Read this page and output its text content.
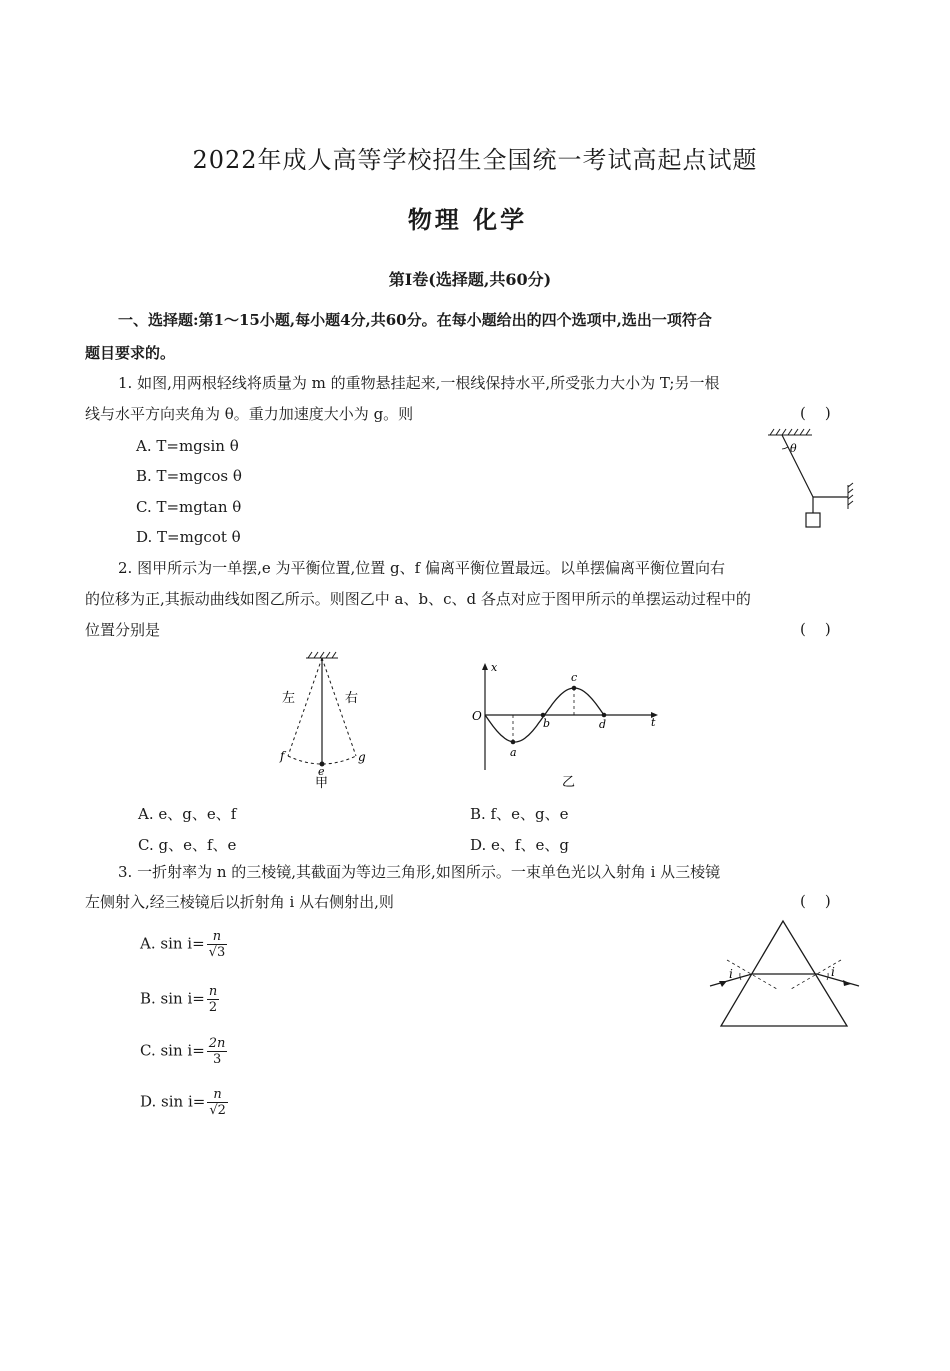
2022年成人高等学校招生全国统一考试高起点试题
物理 化学
第Ⅰ卷(选择题,共60分)
一、选择题:第1～15小题,每小题4分,共60分。在每小题给出的四个选项中,选出一项符合
题目要求的。
1. 如图,用两根轻线将质量为 m 的重物悬挂起来,一根线保持水平,所受张力大小为 T;另一根
线与水平方向夹角为 θ。重力加速度大小为 g。则	(    )
A. T=mgsin θ
B. T=mgcos θ
C. T=mgtan θ
D. T=mgcot θ
θ
2. 图甲所示为一单摆,e 为平衡位置,位置 g、f 偏离平衡位置最远。以单摆偏离平衡位置向右
的位移为正,其振动曲线如图乙所示。则图乙中 a、b、c、d 各点对应于图甲所示的单摆运动过程中的
位置分别是	(    )
左	右
f
e
g
甲
x
t
O
a
b
c
d
乙
A. e、g、e、f	B. f、e、g、e
C. g、e、f、e	D. e、f、e、g
3. 一折射率为 n 的三棱镜,其截面为等边三角形,如图所示。一束单色光以入射角 i 从三棱镜
左侧射入,经三棱镜后以折射角 i 从右侧射出,则	(    )
A. $\sin i= \frac{n}{√3}$
B. $\sin i= \frac{n}{2}$
C. $\sin i= \frac{2n}{3}$
D. $\sin i= \frac{n}{√2}$
i	i
